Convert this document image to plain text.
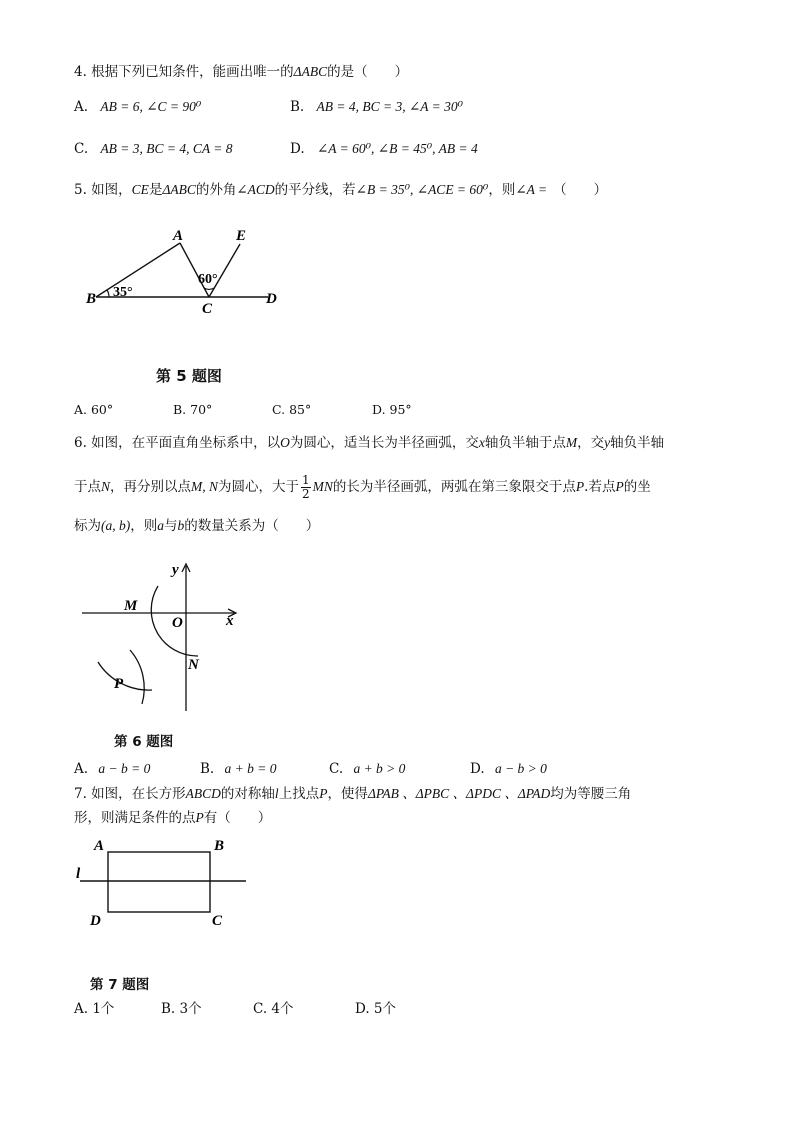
4. 根据下列已知条件，能画出唯一的ΔABC的是（　　）
A. AB = 6, ∠C = 90⁰	B. AB = 4, BC = 3, ∠A = 30⁰
C. AB = 3, BC = 4, CA = 8	D. ∠A = 60⁰, ∠B = 45⁰, AB = 4
5. 如图，CE是ΔABC的外角∠ACD的平分线，若∠B = 35⁰, ∠ACE = 60⁰，则∠A = （　　）
A	E
B
C
D
35°
60°
第 5 题图
A. 60°	B. 70°	C. 85°	D. 95°
6. 如图，在平面直角坐标系中，以O为圆心，适当长为半径画弧，交x轴负半轴于点M，交y轴负半轴
于点N，再分别以点M, N为圆心，大于 $\frac{1}{2}$ MN的长为半径画弧，两弧在第三象限交于点P.若点P的坐
标为(a, b)，则a与b的数量关系为（　　）
y
x
M
O
N
P
第 6 题图
A. a − b = 0	B. a + b = 0	C. a + b > 0	D. a − b > 0
7. 如图，在长方形ABCD的对称轴l上找点P，使得ΔPAB 、ΔPBC 、ΔPDC 、ΔPAD均为等腰三角
形，则满足条件的点P有（　　）
A	B
D	C
l
第 7 题图
A. 1个	B. 3个	C. 4个	D. 5个
